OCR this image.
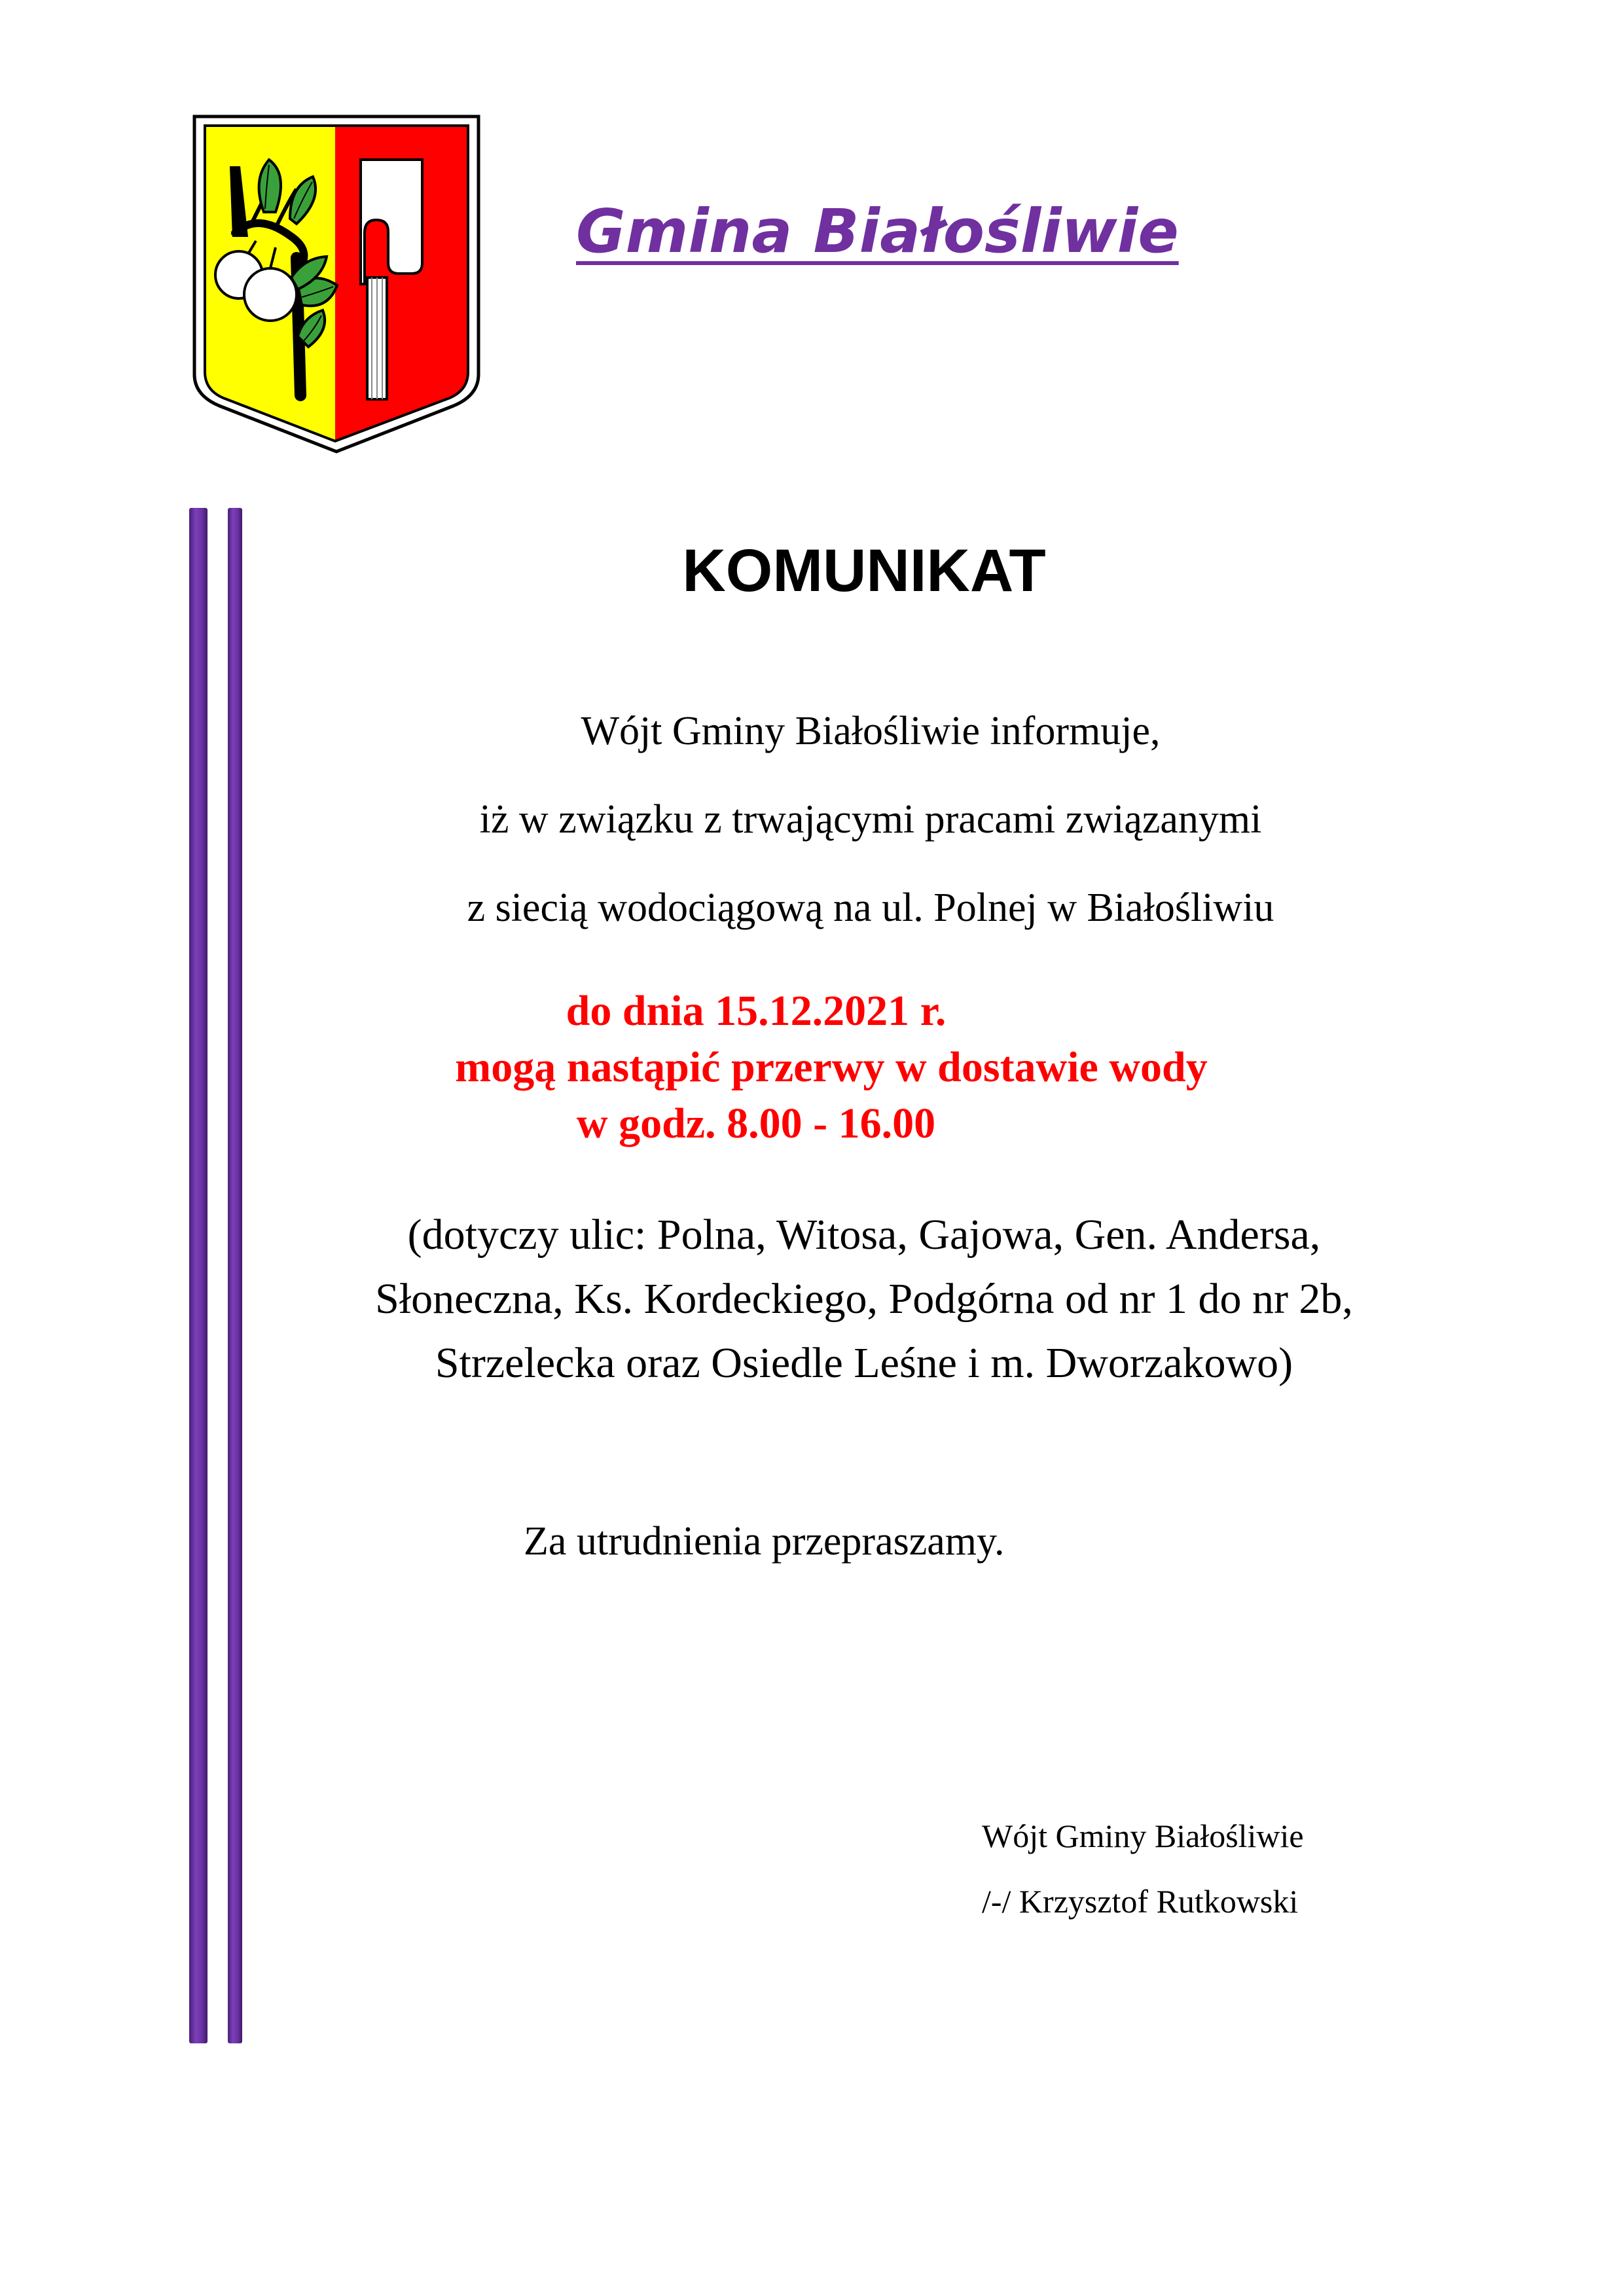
Gmina Białośliwie
KOMUNIKAT

Wójt Gminy Białośliwie informuje,

iż w związku z trwającymi pracami związanymi

z siecią wodociągową na ul. Polnej w Białośliwiu

do dnia 15.12.2021 r.

mogą nastąpić przerwy w dostawie wody

w godz. 8.00 - 16.00

(dotyczy ulic: Polna, Witosa, Gajowa, Gen. Andersa,

Słoneczna, Ks. Kordeckiego, Podgórna od nr 1 do nr 2b,

Strzelecka oraz Osiedle Leśne i m. Dworzakowo)

Za utrudnienia przepraszamy.

Wójt Gminy Białośliwie

/-/ Krzysztof Rutkowski
